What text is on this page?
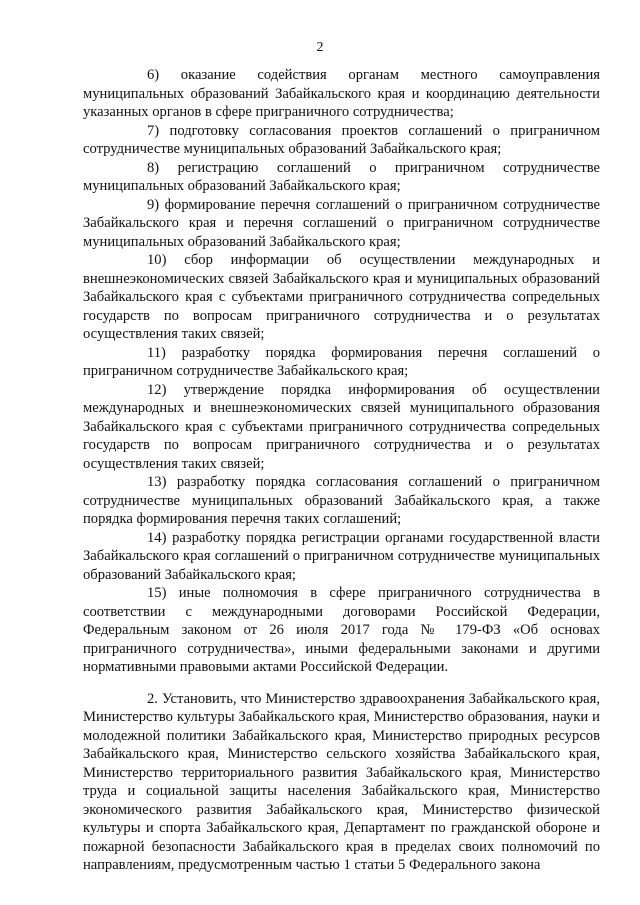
2

6) оказание содействия органам местного самоуправления муниципальных образований Забайкальского края и координацию деятельности указанных органов в сфере приграничного сотрудничества;

7) подготовку согласования проектов соглашений о приграничном сотрудничестве муниципальных образований Забайкальского края;

8) регистрацию соглашений о приграничном сотрудничестве муниципальных образований Забайкальского края;

9) формирование перечня соглашений о приграничном сотрудничестве Забайкальского края и перечня соглашений о приграничном сотрудничестве муниципальных образований Забайкальского края;

10) сбор информации об осуществлении международных и внешнеэкономических связей Забайкальского края и муниципальных образований Забайкальского края с субъектами приграничного сотрудничества сопредельных государств по вопросам приграничного сотрудничества и о результатах осуществления таких связей;

11) разработку порядка формирования перечня соглашений о приграничном сотрудничестве Забайкальского края;

12) утверждение порядка информирования об осуществлении международных и внешнеэкономических связей муниципального образования Забайкальского края с субъектами приграничного сотрудничества сопредельных государств по вопросам приграничного сотрудничества и о результатах осуществления таких связей;

13) разработку порядка согласования соглашений о приграничном сотрудничестве муниципальных образований Забайкальского края, а также порядка формирования перечня таких соглашений;

14) разработку порядка регистрации органами государственной власти Забайкальского края соглашений о приграничном сотрудничестве муниципальных образований Забайкальского края;

15) иные полномочия в сфере приграничного сотрудничества в соответствии с международными договорами Российской Федерации, Федеральным законом от 26 июля 2017 года № 179-ФЗ «Об основах приграничного сотрудничества», иными федеральными законами и другими нормативными правовыми актами Российской Федерации.

2. Установить, что Министерство здравоохранения Забайкальского края, Министерство культуры Забайкальского края, Министерство образования, науки и молодежной политики Забайкальского края, Министерство природных ресурсов Забайкальского края, Министерство сельского хозяйства Забайкальского края, Министерство территориального развития Забайкальского края, Министерство труда и социальной защиты населения Забайкальского края, Министерство экономического развития Забайкальского края, Министерство физической культуры и спорта Забайкальского края, Департамент по гражданской обороне и пожарной безопасности Забайкальского края в пределах своих полномочий по направлениям, предусмотренным частью 1 статьи 5 Федерального закона
